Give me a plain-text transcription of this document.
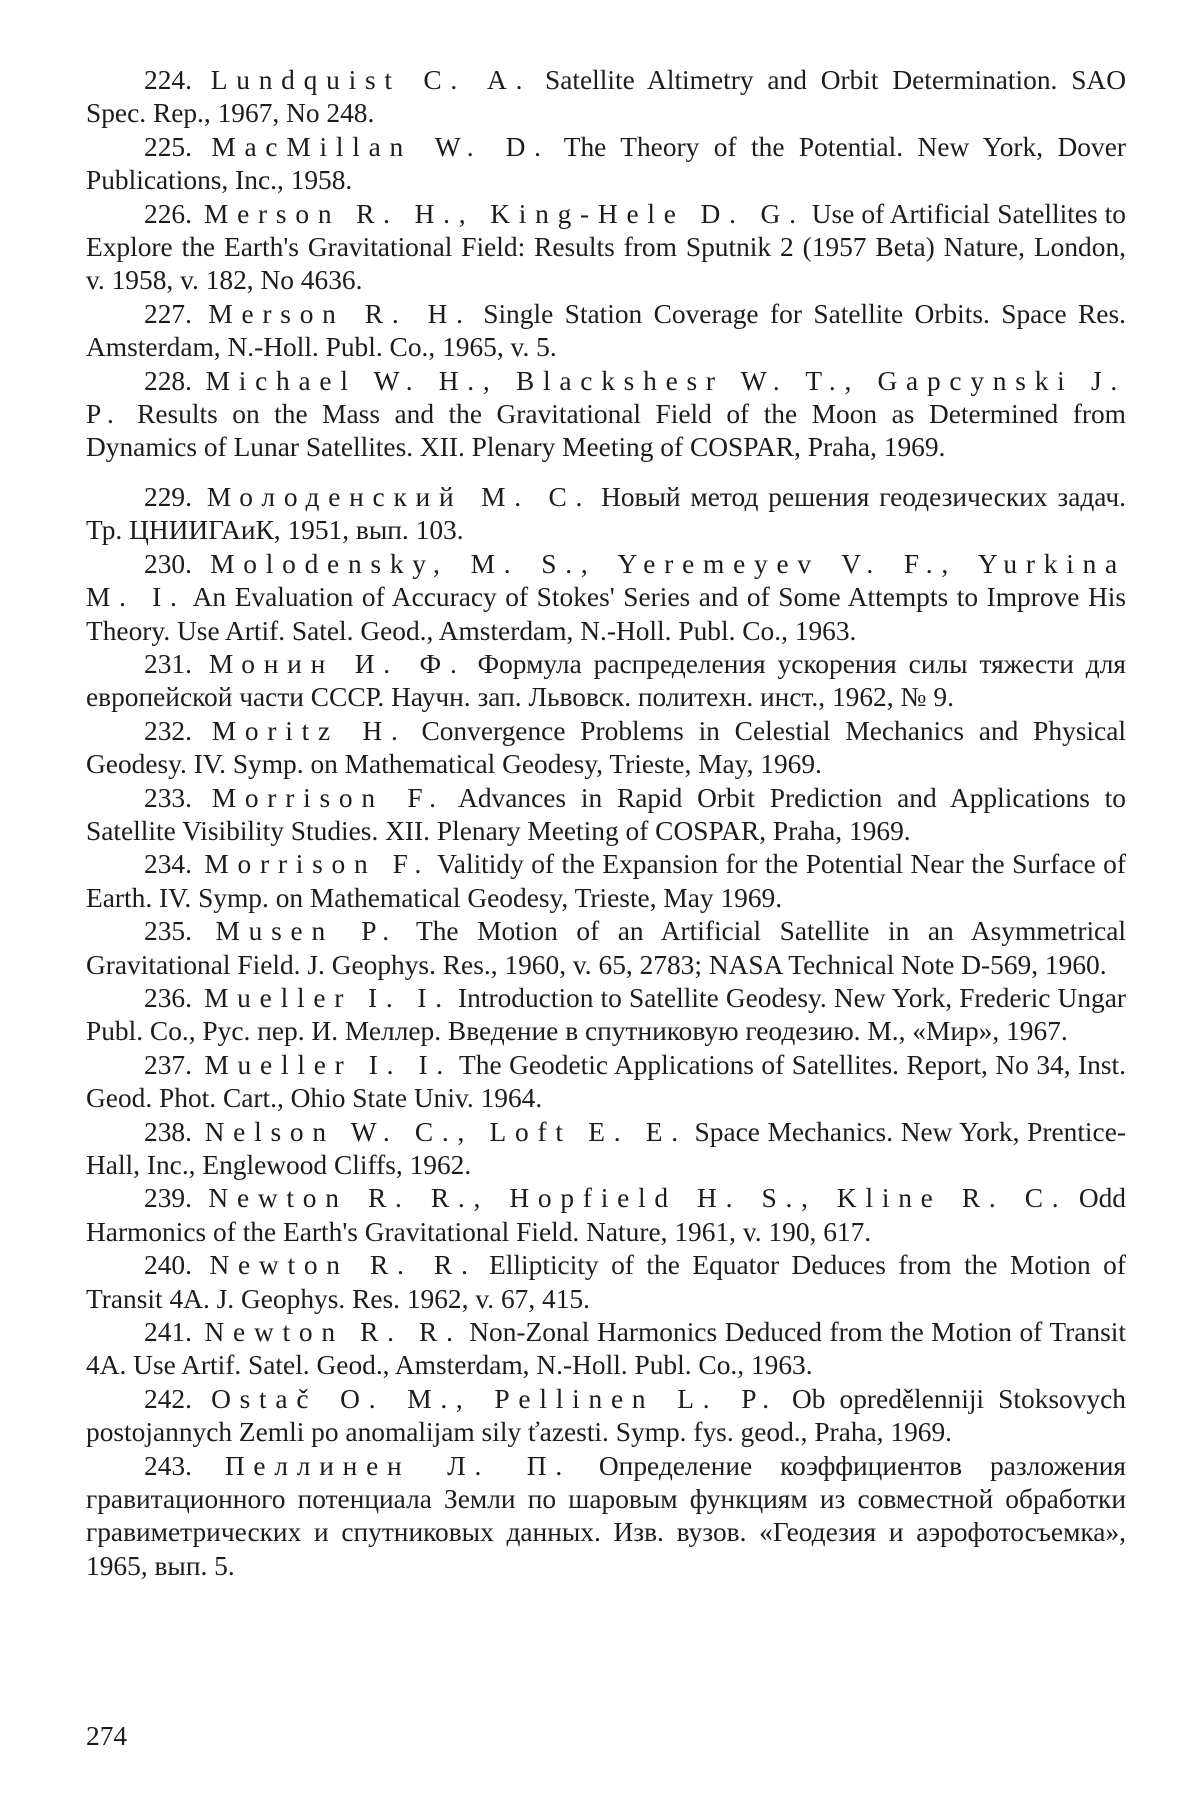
224. Lundquist C. A. Satellite Altimetry and Orbit Determination. SAO Spec. Rep., 1967, No 248.

225. MacMillan W. D. The Theory of the Potential. New York, Dover Publications, Inc., 1958.

226. Merson R. H., King-Hele D. G. Use of Artificial Satellites to Explore the Earth's Gravitational Field: Results from Sputnik 2 (1957 Beta) Nature, London, v. 1958, v. 182, No 4636.

227. Merson R. H. Single Station Coverage for Satellite Orbits. Space Res. Amsterdam, N.-Holl. Publ. Co., 1965, v. 5.

228. Michael W. H., Blackshesr W. T., Gapcynski J. P. Results on the Mass and the Gravitational Field of the Moon as Determined from Dynamics of Lunar Satellites. XII. Plenary Meeting of COSPAR, Praha, 1969.

229. Молоденский М. С. Новый метод решения геодезических задач. Тр. ЦНИИГАиК, 1951, вып. 103.

230. Molodensky, M. S., Yeremeyev V. F., Yurkina M. I. An Evaluation of Accuracy of Stokes' Series and of Some Attempts to Improve His Theory. Use Artif. Satel. Geod., Amsterdam, N.-Holl. Publ. Co., 1963.

231. Монин И. Ф. Формула распределения ускорения силы тяжести для европейской части СССР. Научн. зап. Львовск. политехн. инст., 1962, № 9.

232. Moritz H. Convergence Problems in Celestial Mechanics and Physical Geodesy. IV. Symp. on Mathematical Geodesy, Trieste, May, 1969.

233. Morrison F. Advances in Rapid Orbit Prediction and Applications to Satellite Visibility Studies. XII. Plenary Meeting of COSPAR, Praha, 1969.

234. Morrison F. Valitidy of the Expansion for the Potential Near the Surface of Earth. IV. Symp. on Mathematical Geodesy, Trieste, May 1969.

235. Musen P. The Motion of an Artificial Satellite in an Asymmetrical Gravitational Field. J. Geophys. Res., 1960, v. 65, 2783; NASA Technical Note D-569, 1960.

236. Mueller I. I. Introduction to Satellite Geodesy. New York, Frederic Ungar Publ. Co., Рус. пер. И. Меллер. Введение в спутниковую геодезию. М., «Мир», 1967.

237. Mueller I. I. The Geodetic Applications of Satellites. Report, No 34, Inst. Geod. Phot. Cart., Ohio State Univ. 1964.

238. Nelson W. C., Loft E. E. Space Mechanics. New York, Prentice-Hall, Inc., Englewood Cliffs, 1962.

239. Newton R. R., Hopfield H. S., Kline R. C. Odd Harmonics of the Earth's Gravitational Field. Nature, 1961, v. 190, 617.

240. Newton R. R. Ellipticity of the Equator Deduces from the Motion of Transit 4A. J. Geophys. Res. 1962, v. 67, 415.

241. Newton R. R. Non-Zonal Harmonics Deduced from the Motion of Transit 4A. Use Artif. Satel. Geod., Amsterdam, N.-Holl. Publ. Co., 1963.

242. Ostač O. M., Pellinen L. P. Ob opredělenniji Stoksovych postojannych Zemli po anomalijam sily ťazesti. Symp. fys. geod., Praha, 1969.

243. Пеллинен Л. П. Определение коэффициентов разложения гравитационного потенциала Земли по шаровым функциям из совместной обработки гравиметрических и спутниковых данных. Изв. вузов. «Геодезия и аэрофотосъемка», 1965, вып. 5.

274
